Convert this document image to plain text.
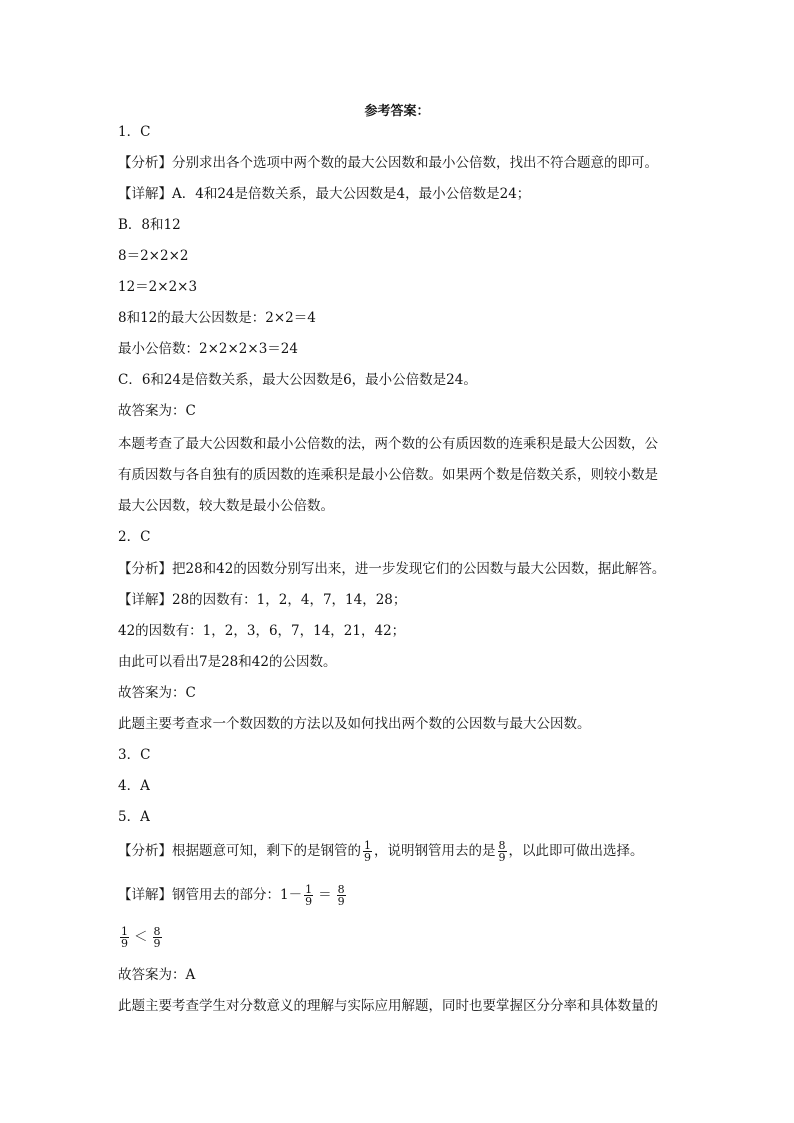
参考答案：
1．C
【分析】分别求出各个选项中两个数的最大公因数和最小公倍数，找出不符合题意的即可。
【详解】A．4和24是倍数关系，最大公因数是4，最小公倍数是24；
B．8和12
8＝2×2×2
12＝2×2×3
8和12的最大公因数是：2×2＝4
最小公倍数：2×2×2×3＝24
C．6和24是倍数关系，最大公因数是6，最小公倍数是24。
故答案为：C
本题考查了最大公因数和最小公倍数的法，两个数的公有质因数的连乘积是最大公因数，公
有质因数与各自独有的质因数的连乘积是最小公倍数。如果两个数是倍数关系，则较小数是
最大公因数，较大数是最小公倍数。
2．C
【分析】把28和42的因数分别写出来，进一步发现它们的公因数与最大公因数，据此解答。
【详解】28的因数有：1，2，4，7，14，28；
42的因数有：1，2，3，6，7，14，21，42；
由此可以看出7是28和42的公因数。
故答案为：C
此题主要考查求一个数因数的方法以及如何找出两个数的公因数与最大公因数。
3．C
4．A
5．A
【分析】根据题意可知，剩下的是钢管的 $\frac{1}{9}$ ，说明钢管用去的是 $\frac{8}{9}$ ，以此即可做出选择。
【详解】钢管用去的部分：$1- \frac{1}{9} = \frac{8}{9}$
$\frac{1}{9} < \frac{8}{9}$
故答案为：A
此题主要考查学生对分数意义的理解与实际应用解题，同时也要掌握区分分率和具体数量的
